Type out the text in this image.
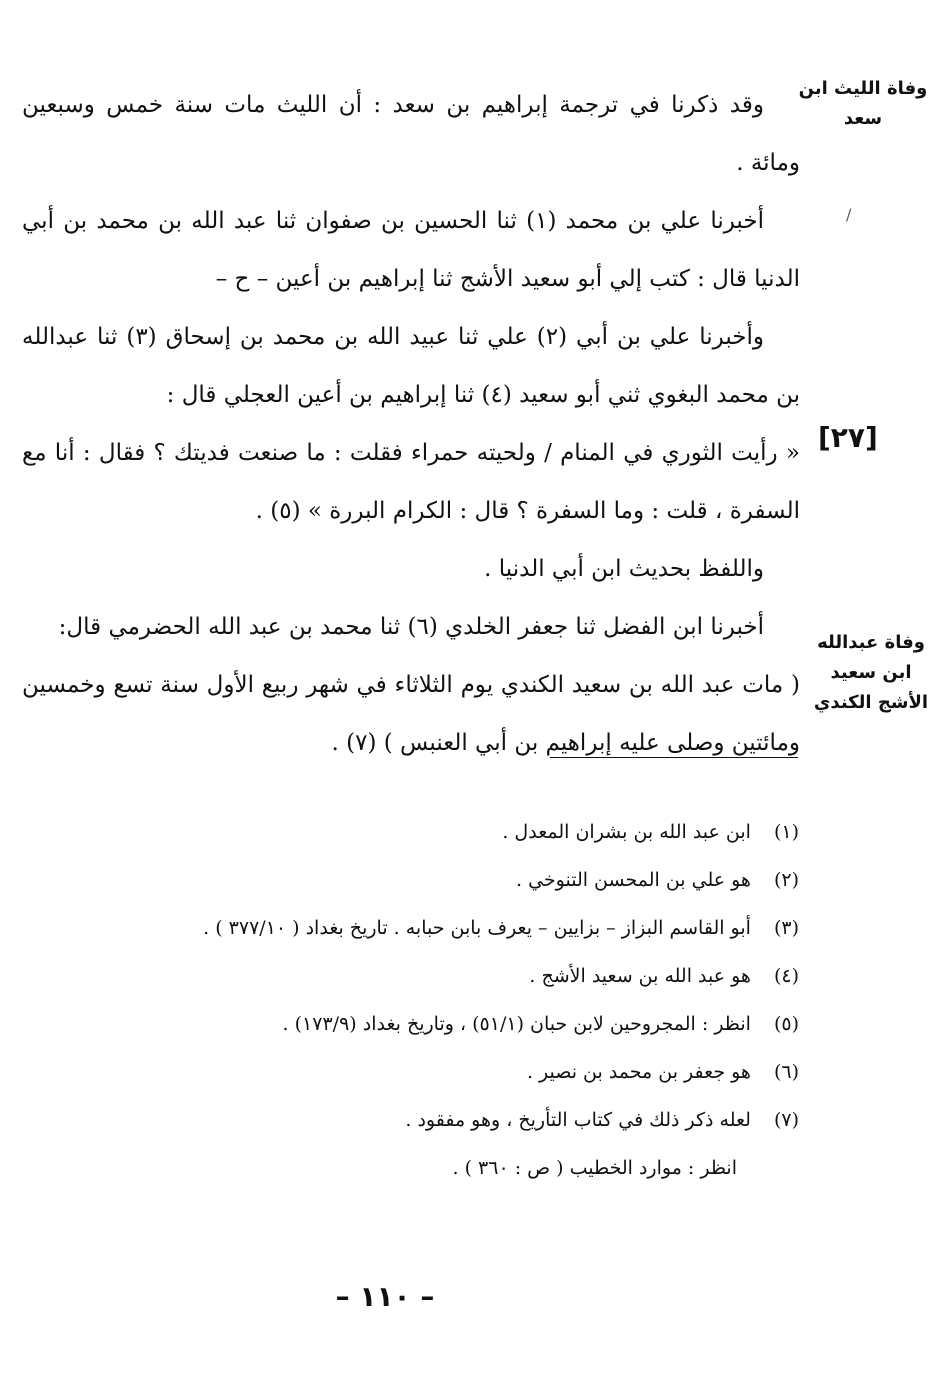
وفاة الليث ابن سعد
/
[٢٧]
وفاة عبدالله ابن سعيد الأشج الكندي

وقد ذكرنا في ترجمة إبراهيم بن سعد : أن الليث مات سنة خمس وسبعين ومائة .

أخبرنا علي بن محمد (١) ثنا الحسين بن صفوان ثنا عبد الله بن محمد بن أبي الدنيا قال : كتب إلي أبو سعيد الأشج ثنا إبراهيم بن أعين – ح –

وأخبرنا علي بن أبي (٢) علي ثنا عبيد الله بن محمد بن إسحاق (٣) ثنا عبدالله بن محمد البغوي ثني أبو سعيد (٤) ثنا إبراهيم بن أعين العجلي قال :

« رأيت الثوري في المنام / ولحيته حمراء فقلت : ما صنعت فديتك ؟ فقال : أنا مع السفرة ، قلت : وما السفرة ؟ قال : الكرام البررة » (٥) .

واللفظ بحديث ابن أبي الدنيا .

أخبرنا ابن الفضل ثنا جعفر الخلدي (٦) ثنا محمد بن عبد الله الحضرمي قال:

( مات عبد الله بن سعيد الكندي يوم الثلاثاء في شهر ربيع الأول سنة تسع وخمسين ومائتين وصلى عليه إبراهيم بن أبي العنبس ) (٧) .

(١) ابن عبد الله بن بشران المعدل .
(٢) هو علي بن المحسن التنوخي .
(٣) أبو القاسم البزاز – بزايين – يعرف بابن حبابه . تاريخ بغداد ( ٣٧٧/١٠ ) .
(٤) هو عبد الله بن سعيد الأشج .
(٥) انظر : المجروحين لابن حبان (٥١/١) ، وتاريخ بغداد (١٧٣/٩) .
(٦) هو جعفر بن محمد بن نصير .
(٧) لعله ذكر ذلك في كتاب التأريخ ، وهو مفقود .
انظر : موارد الخطيب ( ص : ٣٦٠ ) .
– ١١٠ –
